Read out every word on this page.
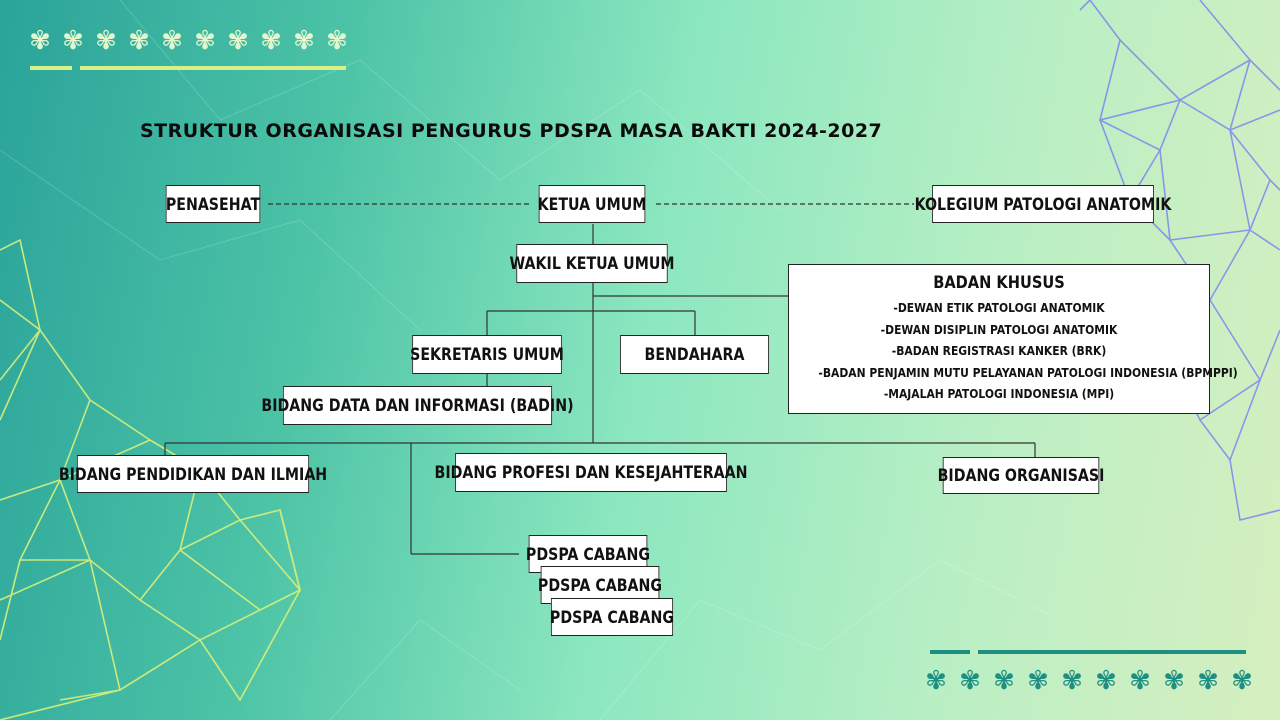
✾ ✾ ✾ ✾ ✾ ✾ ✾ ✾ ✾ ✾
✾ ✾ ✾ ✾ ✾ ✾ ✾ ✾ ✾ ✾
STRUKTUR ORGANISASI PENGURUS PDSPA MASA BAKTI 2024-2027
PENASEHAT	KETUA UMUM	KOLEGIUM PATOLOGI ANATOMIK
WAKIL KETUA UMUM
BADAN KHUSUS
-DEWAN ETIK PATOLOGI ANATOMIK
-DEWAN DISIPLIN PATOLOGI ANATOMIK
-BADAN REGISTRASI KANKER (BRK)
-BADAN PENJAMIN MUTU PELAYANAN PATOLOGI INDONESIA (BPMPPI)
-MAJALAH PATOLOGI INDONESIA (MPI)
SEKRETARIS UMUM	BENDAHARA
BIDANG DATA DAN INFORMASI (BADIN)
BIDANG PENDIDIKAN DAN ILMIAH	BIDANG PROFESI DAN KESEJAHTERAAN	BIDANG ORGANISASI
PDSPA CABANG
PDSPA CABANG
PDSPA CABANG
